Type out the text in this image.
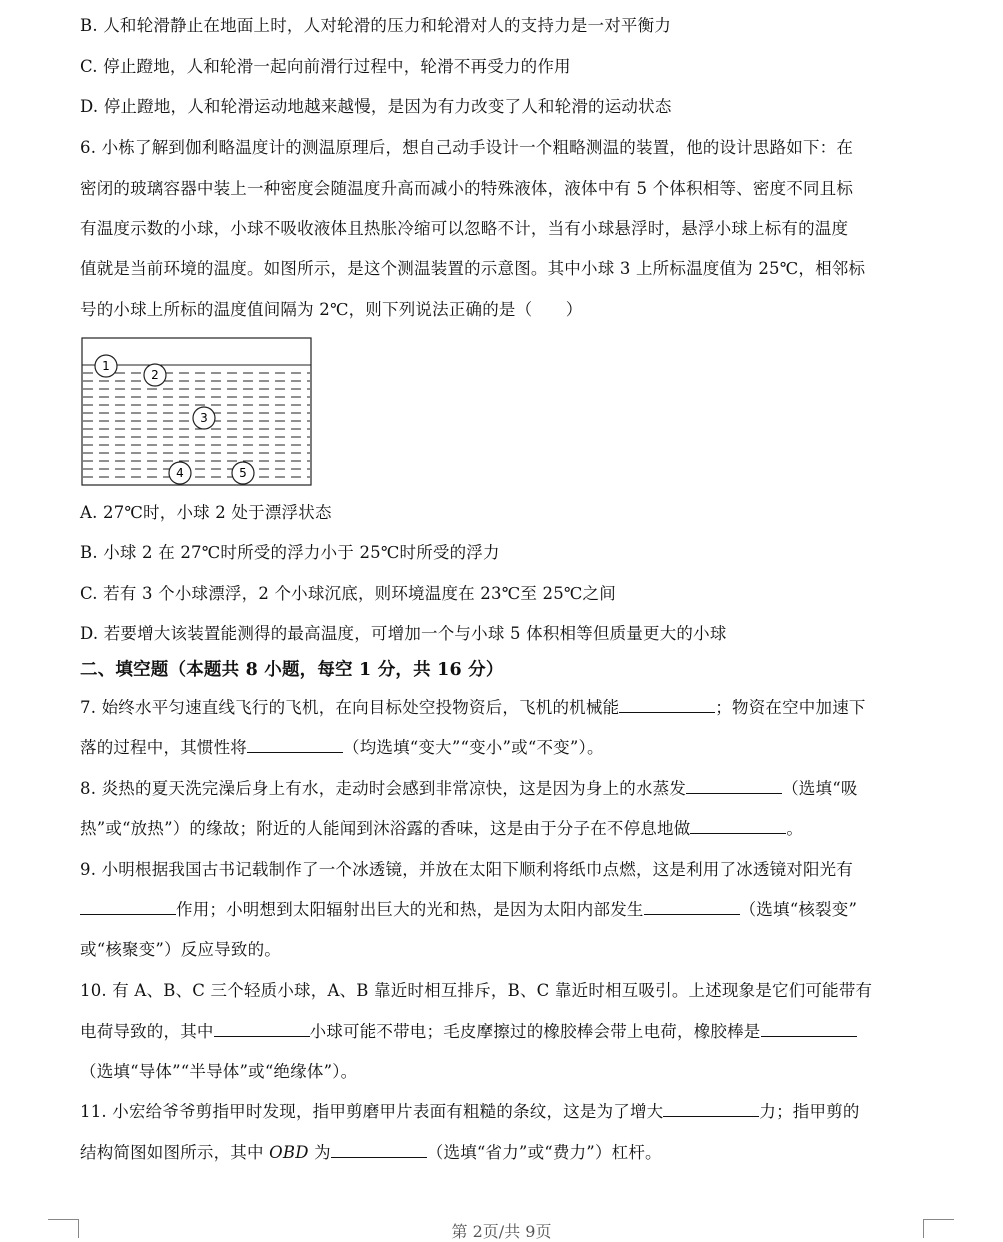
B. 人和轮滑静止在地面上时，人对轮滑的压力和轮滑对人的支持力是一对平衡力
C. 停止蹬地，人和轮滑一起向前滑行过程中，轮滑不再受力的作用
D. 停止蹬地，人和轮滑运动地越来越慢，是因为有力改变了人和轮滑的运动状态
6. 小栋了解到伽利略温度计的测温原理后，想自己动手设计一个粗略测温的装置，他的设计思路如下：在
密闭的玻璃容器中装上一种密度会随温度升高而减小的特殊液体，液体中有 5 个体积相等、密度不同且标
有温度示数的小球，小球不吸收液体且热胀冷缩可以忽略不计，当有小球悬浮时，悬浮小球上标有的温度
值就是当前环境的温度。如图所示，是这个测温装置的示意图。其中小球 3 上所标温度值为 25℃，相邻标
号的小球上所标的温度值间隔为 2℃，则下列说法正确的是（　　）
1
2
3
4	5
A. 27℃时，小球 2 处于漂浮状态
B. 小球 2 在 27℃时所受的浮力小于 25℃时所受的浮力
C. 若有 3 个小球漂浮，2 个小球沉底，则环境温度在 23℃至 25℃之间
D. 若要增大该装置能测得的最高温度，可增加一个与小球 5 体积相等但质量更大的小球
二、填空题（本题共 8 小题，每空 1 分，共 16 分）
7. 始终水平匀速直线飞行的飞机，在向目标处空投物资后，飞机的机械能	；物资在空中加速下
落的过程中，其惯性将	（均选填“变大”“变小”或“不变”）。
8. 炎热的夏天洗完澡后身上有水，走动时会感到非常凉快，这是因为身上的水蒸发	（选填“吸
热”或“放热”）的缘故；附近的人能闻到沐浴露的香味，这是由于分子在不停息地做	。
9. 小明根据我国古书记载制作了一个冰透镜，并放在太阳下顺利将纸巾点燃，这是利用了冰透镜对阳光有
作用；小明想到太阳辐射出巨大的光和热，是因为太阳内部发生	（选填“核裂变”
或“核聚变”）反应导致的。
10. 有 A、B、C 三个轻质小球，A、B 靠近时相互排斥，B、C 靠近时相互吸引。上述现象是它们可能带有
电荷导致的，其中	小球可能不带电；毛皮摩擦过的橡胶棒会带上电荷，橡胶棒是
（选填“导体”“半导体”或“绝缘体”）。
11. 小宏给爷爷剪指甲时发现，指甲剪磨甲片表面有粗糙的条纹，这是为了增大	力；指甲剪的
结构简图如图所示，其中 OBD 为	（选填“省力”或“费力”）杠杆。
第 2页/共 9页
